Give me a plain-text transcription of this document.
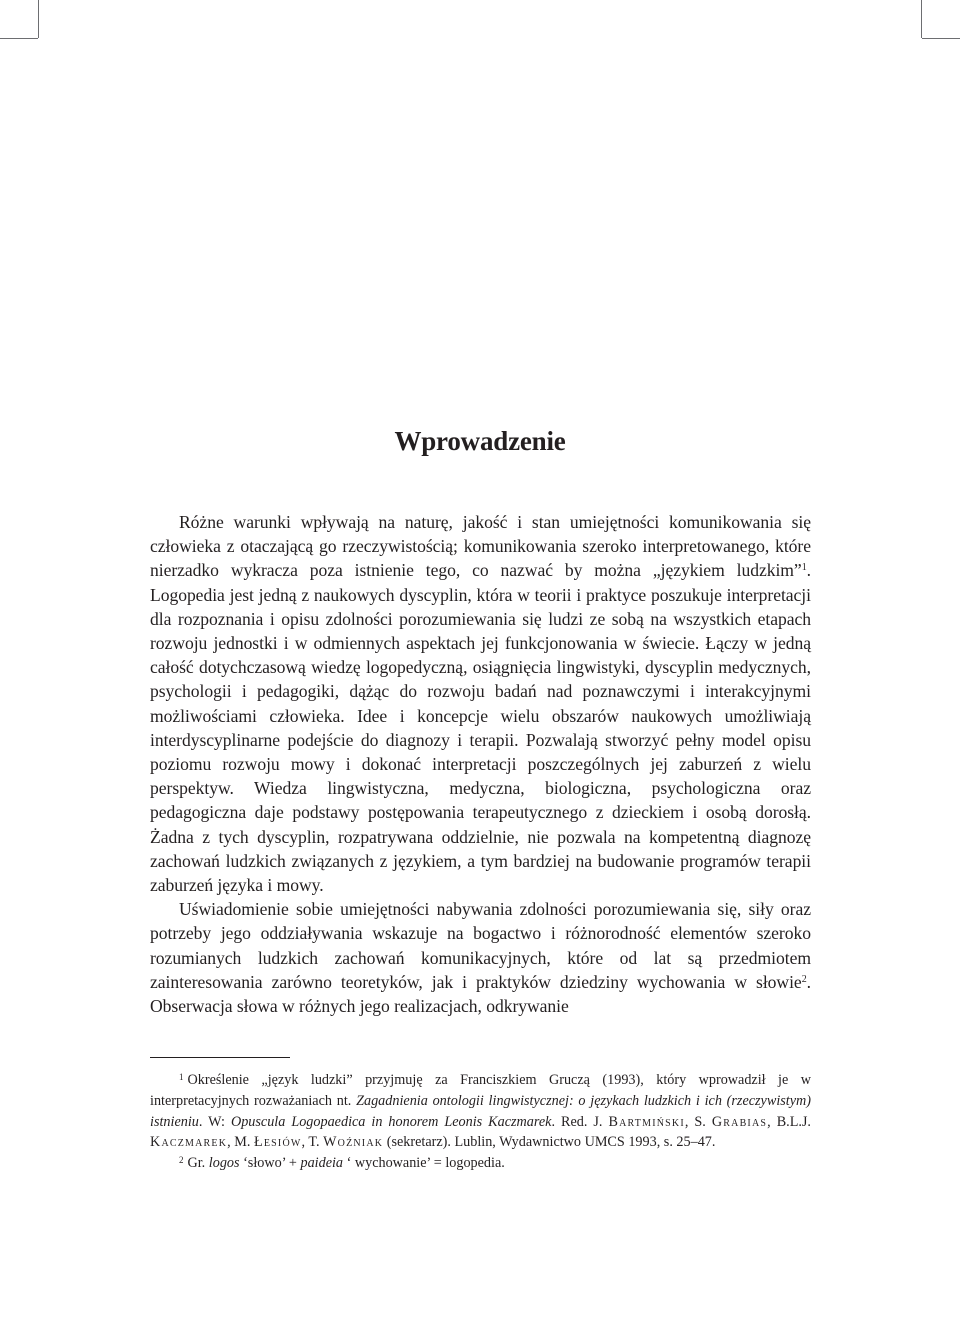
Wprowadzenie

Różne warunki wpływają na naturę, jakość i stan umiejętności komunikowania się człowieka z otaczającą go rzeczywistością; komunikowania szeroko interpretowanego, które nierzadko wykracza poza istnienie tego, co nazwać by można „językiem ludzkim”$^1$. Logopedia jest jedną z naukowych dyscyplin, która w teorii i praktyce poszukuje interpretacji dla rozpoznania i opisu zdolności porozumiewania się ludzi ze sobą na wszystkich etapach rozwoju jednostki i w odmiennych aspektach jej funkcjonowania w świecie. Łączy w jedną całość dotychczasową wiedzę logopedyczną, osiągnięcia lingwistyki, dyscyplin medycznych, psychologii i pedagogiki, dążąc do rozwoju badań nad poznawczymi i interakcyjnymi możliwościami człowieka. Idee i koncepcje wielu obszarów naukowych umożliwiają interdyscyplinarne podejście do diagnozy i terapii. Pozwalają stworzyć pełny model opisu poziomu rozwoju mowy i dokonać interpretacji poszczególnych jej zaburzeń z wielu perspektyw. Wiedza lingwistyczna, medyczna, biologiczna, psychologiczna oraz pedagogiczna daje podstawy postępowania terapeutycznego z dzieckiem i osobą dorosłą. Żadna z tych dyscyplin, rozpatrywana oddzielnie, nie pozwala na kompetentną diagnozę zachowań ludzkich związanych z językiem, a tym bardziej na budowanie programów terapii zaburzeń języka i mowy.

Uświadomienie sobie umiejętności nabywania zdolności porozumiewania się, siły oraz potrzeby jego oddziaływania wskazuje na bogactwo i różnorodność elementów szeroko rozumianych ludzkich zachowań komunikacyjnych, które od lat są przedmiotem zainteresowania zarówno teoretyków, jak i praktyków dziedziny wychowania w słowie$^2$. Obserwacja słowa w różnych jego realizacjach, odkrywanie

$^1$ Określenie „język ludzki” przyjmuję za Franciszkiem Gruczą (1993), który wprowadził je w interpretacyjnych rozważaniach nt. Zagadnienia ontologii lingwistycznej: o językach ludzkich i ich (rzeczywistym) istnieniu. W: Opuscula Logopaedica in honorem Leonis Kaczmarek. Red. J. Bartmiński, S. Grabias, B.L.J. Kaczmarek, M. Łesiów, T. Woźniak (sekretarz). Lublin, Wydawnictwo UMCS 1993, s. 25–47.

$^2$ Gr. logos ‘słowo’ + paideia ‘ wychowanie’ = logopedia.
